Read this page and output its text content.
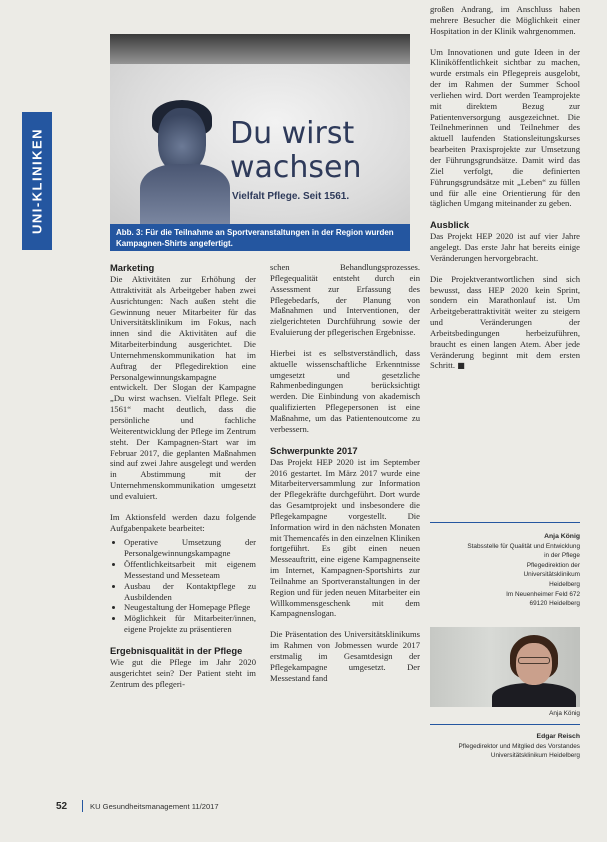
UNI-KLINIKEN	Du wirst
wachsen
Vielfalt Pflege. Seit 1561.
Abb. 3: Für die Teilnahme an Sportveranstaltungen in der Region wurden Kampagnen-Shirts angefertigt.
Marketing

Die Aktivitäten zur Erhöhung der Attraktivität als Arbeitgeber haben zwei Ausrichtungen: Nach außen steht die Gewinnung neuer Mitarbeiter für das Universitätsklinikum im Fokus, nach innen sind die Aktivitäten auf die Mitarbeiterbindung ausgerichtet. Die Unternehmenskommunikation hat im Auftrag der Pflegedirektion eine Personalgewinnungskampagne entwickelt. Der Slogan der Kampagne „Du wirst wachsen. Vielfalt Pflege. Seit 1561“ macht deutlich, dass die persönliche und fachliche Weiterentwicklung der Pflege im Zentrum steht. Der Kampagnen-Start war im Februar 2017, die geplanten Maßnahmen sind auf zwei Jahre ausgelegt und werden in Abstimmung mit der Unternehmenskommunikation umgesetzt und evaluiert.

Im Aktionsfeld werden dazu folgende Aufgabenpakete bearbeitet:

• Operative Umsetzung der Personalgewinnungskampagne
• Öffentlichkeitsarbeit mit eigenem Messestand und Messeteam
• Ausbau der Kontaktpflege zu Ausbildenden
• Neugestaltung der Homepage Pflege
• Möglichkeit für Mitarbeiter/innen, eigene Projekte zu präsentieren
Ergebnisqualität in der Pflege

Wie gut die Pflege im Jahr 2020 ausgerichtet sein? Der Patient steht im Zentrum des pflegeri-

schen Behandlungsprozesses. Pflegequalität entsteht durch ein Assessment zur Erfassung des Pflegebedarfs, der Planung von Maßnahmen und Interventionen, der zielgerichteten Durchführung sowie der Evaluierung der pflegerischen Ergebnisse.

Hierbei ist es selbstverständlich, dass aktuelle wissenschaftliche Erkenntnisse umgesetzt und gesetzliche Rahmenbedingungen berücksichtigt werden. Die Einbindung von akademisch qualifizierten Pflegepersonen ist eine Maßnahme, um das Patientenoutcome zu verbessern.

Schwerpunkte 2017

Das Projekt HEP 2020 ist im September 2016 gestartet. Im März 2017 wurde eine Mitarbeiterversammlung zur Information der Pflegekräfte durchgeführt. Dort wurde das Gesamtprojekt und insbesondere die Pflegekampagne vorgestellt. Die Information wird in den nächsten Monaten mit Themencafés in den einzelnen Kliniken fortgeführt. Es gibt einen neuen Messeauftritt, eine eigene Kampagnenseite im Internet, Kampagnen-Sportshirts zur Teilnahme an Sportveranstaltungen in der Region und für jeden neuen Mitarbeiter ein Willkommensgeschenk mit dem Kampagnenslogan.

Die Präsentation des Universitätsklinikums im Rahmen von Jobmessen wurde 2017 erstmalig im Gesamtdesign der Pflegekampagne umgesetzt. Der Messestand fand

großen Andrang, im Anschluss haben mehrere Besucher die Möglichkeit einer Hospitation in der Klinik wahrgenommen.

Um Innovationen und gute Ideen in der Kliniköffentlichkeit sichtbar zu machen, wurde erstmals ein Pflegepreis ausgelobt, der im Rahmen der Summer School verliehen wird. Dort werden Teamprojekte mit direktem Bezug zur Patientenversorgung ausgezeichnet. Die Teilnehmerinnen und Teilnehmer des aktuell laufenden Stationsleitungskurses bearbeiten Praxisprojekte zur Umsetzung der Führungsgrundsätze. Damit wird das Ziel verfolgt, die definierten Führungsgrundsätze mit „Leben“ zu füllen und für alle eine Orientierung für den täglichen Umgang miteinander zu geben.

Ausblick

Das Projekt HEP 2020 ist auf vier Jahre angelegt. Das erste Jahr hat bereits einige Veränderungen hervorgebracht.

Die Projektverantwortlichen sind sich bewusst, dass HEP 2020 kein Sprint, sondern ein Marathonlauf ist. Um Arbeitgeberattraktivität weiter zu steigern und Veränderungen der Arbeitsbedingungen herbeizuführen, braucht es einen langen Atem. Aber jede Veränderung beginnt mit dem ersten Schritt. ■

Anja König
Stabsstelle für Qualität und Entwicklung
in der Pflege
Pflegedirektion der
Universitätsklinikum
Heidelberg
Im Neuenheimer Feld 672
69120 Heidelberg
Anja König
Edgar Reisch
Pflegedirektor und Mitglied des Vorstandes
Universitätsklinikum Heidelberg
52	KU Gesundheitsmanagement 11/2017
